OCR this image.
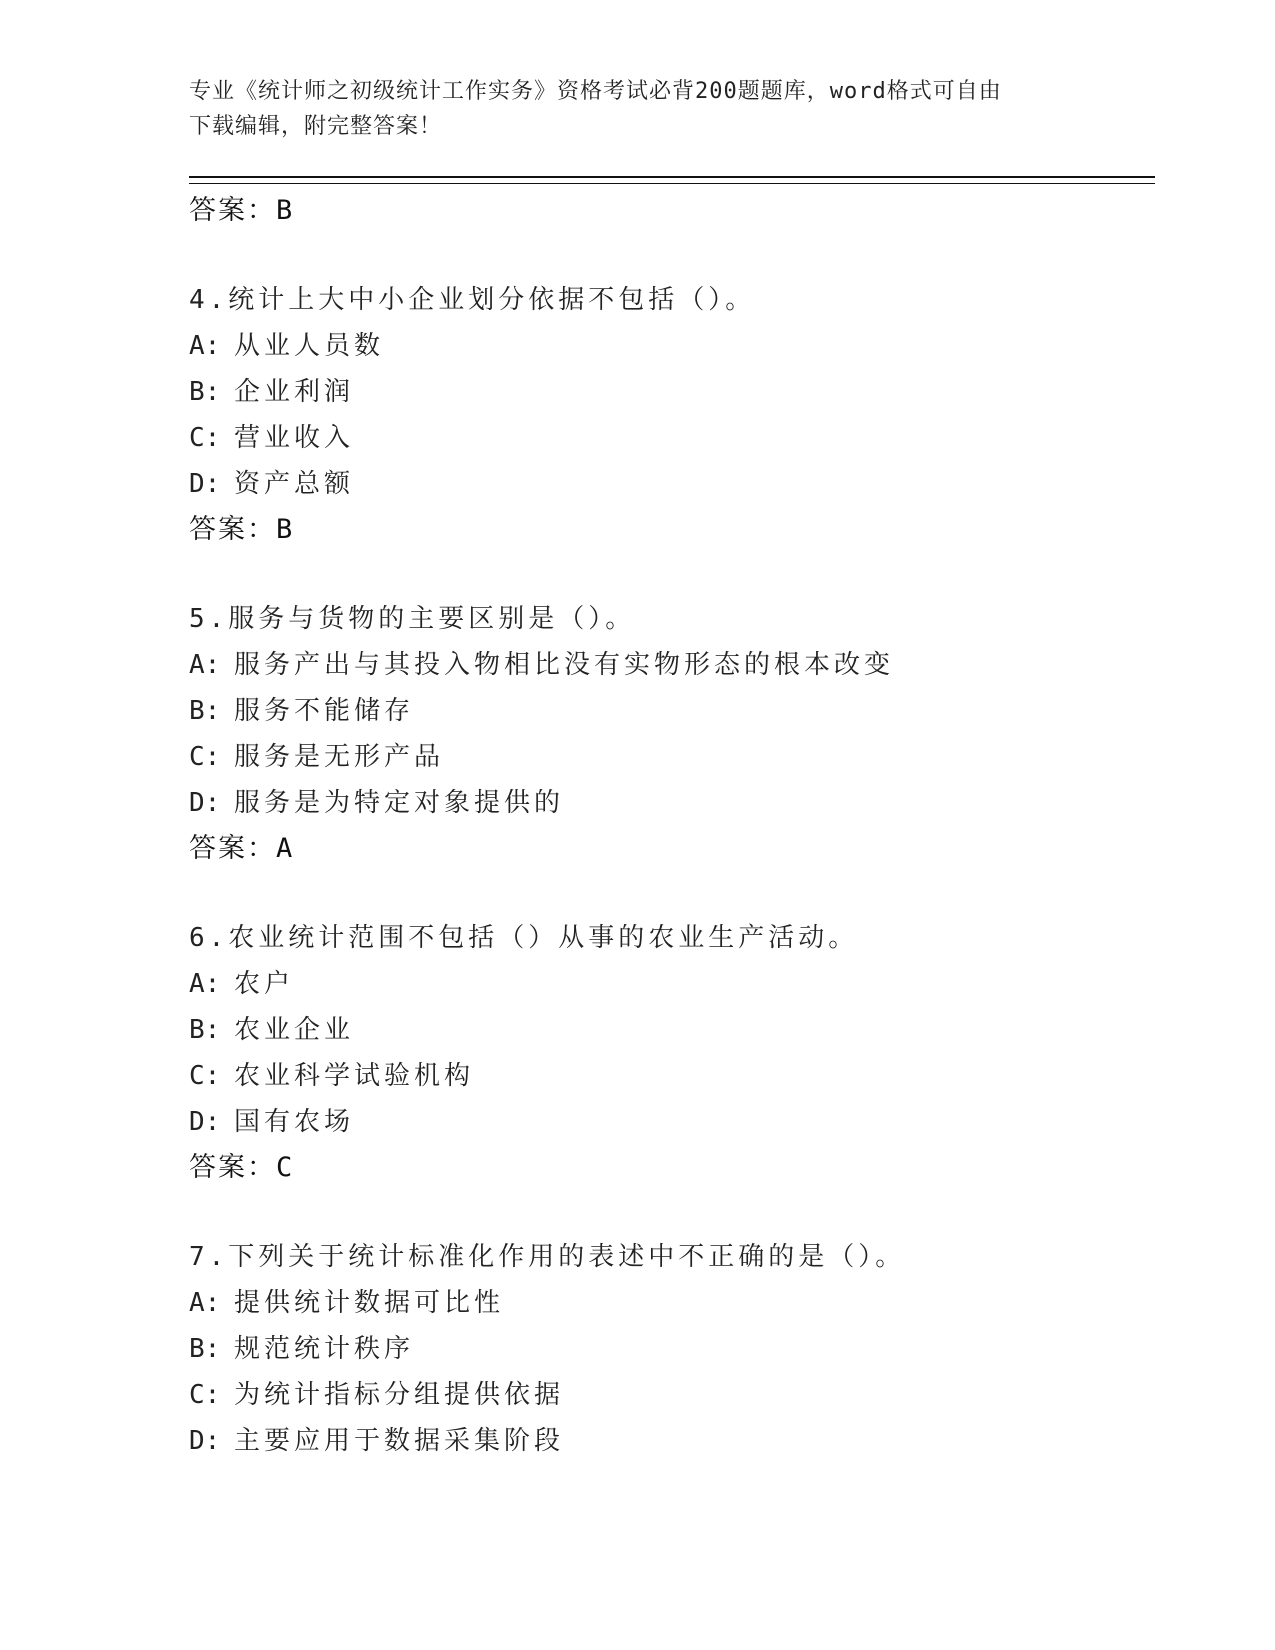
专业《统计师之初级统计工作实务》资格考试必背200题题库，word格式可自由
下载编辑，附完整答案！
答案：B
4.统计上大中小企业划分依据不包括（）。
A: 从业人员数
B: 企业利润
C: 营业收入
D: 资产总额
答案：B
5.服务与货物的主要区别是（）。
A: 服务产出与其投入物相比没有实物形态的根本改变
B: 服务不能储存
C: 服务是无形产品
D: 服务是为特定对象提供的
答案：A
6.农业统计范围不包括（）从事的农业生产活动。
A: 农户
B: 农业企业
C: 农业科学试验机构
D: 国有农场
答案：C
7.下列关于统计标准化作用的表述中不正确的是（）。
A: 提供统计数据可比性
B: 规范统计秩序
C: 为统计指标分组提供依据
D: 主要应用于数据采集阶段
